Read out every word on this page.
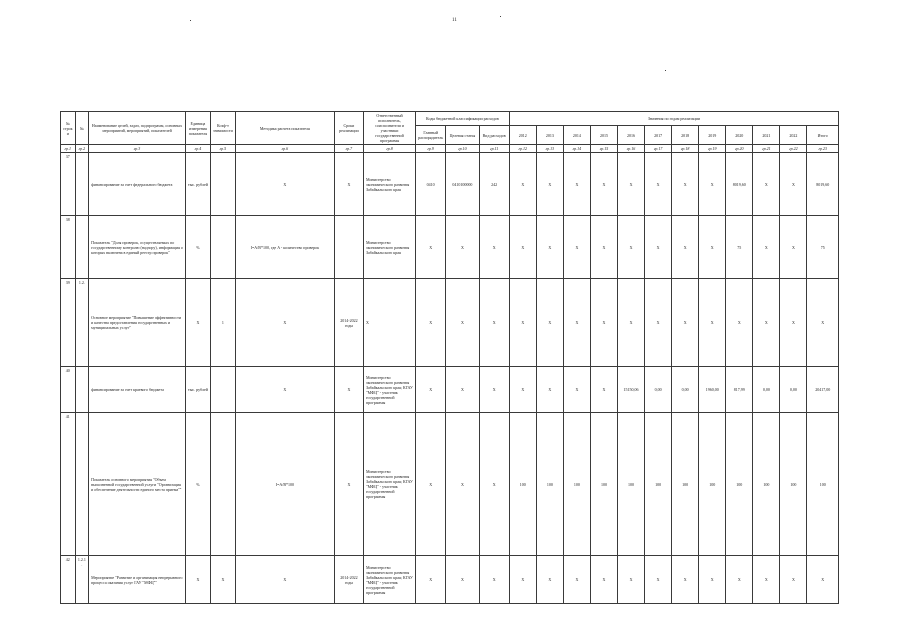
11
№ строки	№	Наименование целей, задач, подпрограмм, основных мероприятий, мероприятий, показателей	Единица измерения показателя	Коэф-т значимости	Методика расчета показателя	Сроки реализации	Ответственный исполнитель, соисполнители и участники государственной программы	Коды бюджетной классификации расходов			Значения по годам реализации											
								Главный распорядитель	Целевая статья	Вид расходов	2012	2013	2014	2015	2016	2017	2018	2019	2020	2021	2022	Итого
гр.1	гр.2	гр.3	гр.4	гр.5	гр.6	гр.7	гр.8	гр.9	гр.10	гр.11	гр.12	гр.13	гр.14	гр.15	гр.16	гр.17	гр.18	гр.19	гр.20	гр.21	гр.22	гр.23
37		финансирование за счет федерального бюджета	тыс. рублей		Х	Х	Министерство экономического развития Забайкальского края	0410	0410100000	242	Х	Х	Х	Х	Х	Х	Х	Х	8019,60	Х	Х	8019,60
38		Показатель "Доля проверок, осуществляемых по государственному контролю (надзору), информация о которых включена в единый реестр проверок"	%		I=A/B*100, где A - количество проверок		Министерство экономического развития Забайкальского края	Х	Х	Х	Х	Х	Х	Х	Х	Х	Х	Х	75	Х	Х	75
39	1.2.	Основное мероприятие "Повышение эффективности и качества предоставления государственных и муниципальных услуг"	Х	1	Х	2014-2022 годы	Х	Х	Х	Х	Х	Х	Х	Х	Х	Х	Х	Х	Х	Х	Х	Х
40		финансирование за счет краевого бюджета	тыс. рублей		Х	Х	Министерство экономического развития Забайкальского края; КГАУ "МФЦ" - участник государственной программы	Х	Х	Х	Х	Х	Х	Х	15150,06	0,00	0,00	1960,00	817,99	0,00	0,00	20417,00
41		Показатель основного мероприятия "Объем выполненной государственной услуги "Организация и обеспечение деятельности единого места приема""	%		I=A/B*100	Х	Министерство экономического развития Забайкальского края; КГАУ "МФЦ" - участник государственной программы	Х	Х	Х	100	100	100	100	100	100	100	100	100	100	100	100
42	1.2.1.	Мероприятие "Развитие и организация непрерывного процесса оказания услуг ГАУ "МФЦ""	Х	Х	Х	2014-2022 годы	Министерство экономического развития Забайкальского края; КГАУ "МФЦ" - участник государственной программы	Х	Х	Х	Х	Х	Х	Х	Х	Х	Х	Х	Х	Х	Х	Х
